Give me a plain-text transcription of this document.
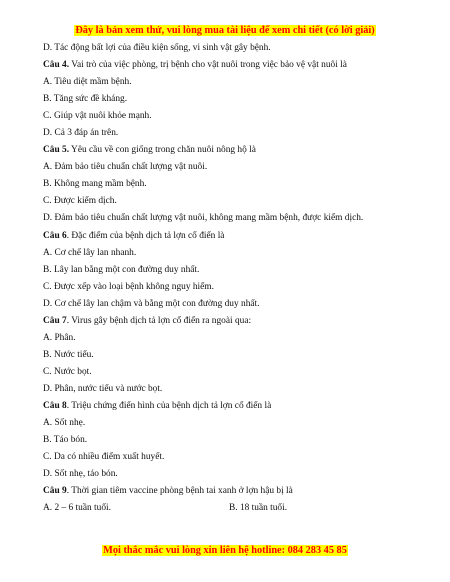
Đây là bản xem thử, vui lòng mua tài liệu để xem chi tiết (có lời giải)
D. Tác động bất lợi của điều kiện sống, vi sinh vật gây bệnh.
Câu 4. Vai trò của việc phòng, trị bệnh cho vật nuôi trong việc bảo vệ vật nuôi là
A. Tiêu diệt mầm bệnh.
B. Tăng sức đề kháng.
C. Giúp vật nuôi khỏe mạnh.
D. Cả 3 đáp án trên.
Câu 5. Yêu cầu về con giống trong chăn nuôi nông hộ là
A. Đảm bảo tiêu chuẩn chất lượng vật nuôi.
B. Không mang mầm bệnh.
C. Được kiểm dịch.
D. Đảm bảo tiêu chuẩn chất lượng vật nuôi, không mang mầm bệnh, được kiểm dịch.
Câu 6. Đặc điểm của bệnh dịch tả lợn cổ điển là
A. Cơ chế lây lan nhanh.
B. Lây lan bằng một con đường duy nhất.
C. Được xếp vào loại bệnh không nguy hiểm.
D. Cơ chế lây lan chậm và bằng một con đường duy nhất.
Câu 7. Virus gây bệnh dịch tả lợn cổ điển ra ngoài qua:
A. Phân.
B. Nước tiểu.
C. Nước bọt.
D. Phân, nước tiểu và nước bọt.
Câu 8. Triệu chứng điển hình của bệnh dịch tả lợn cổ điển là
A. Sốt nhẹ.
B. Táo bón.
C. Da có nhiều điểm xuất huyết.
D. Sốt nhẹ, táo bón.
Câu 9. Thời gian tiêm vaccine phòng bệnh tai xanh ở lợn hậu bị là
A. 2 – 6 tuần tuổi.	B. 18 tuần tuổi.
Mọi thắc mắc vui lòng xin liên hệ hotline: 084 283 45 85
